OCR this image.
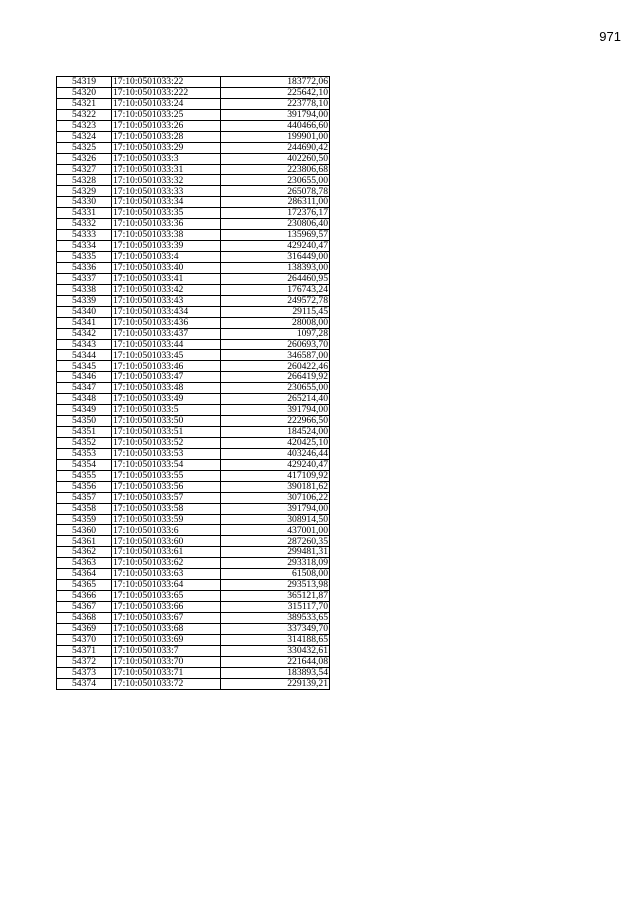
971
54319	17:10:0501033:22	183772,06
54320	17:10:0501033:222	225642,10
54321	17:10:0501033:24	223778,10
54322	17:10:0501033:25	391794,00
54323	17:10:0501033:26	440466,60
54324	17:10:0501033:28	199901,00
54325	17:10:0501033:29	244690,42
54326	17:10:0501033:3	402260,50
54327	17:10:0501033:31	223806,68
54328	17:10:0501033:32	230655,00
54329	17:10:0501033:33	265078,78
54330	17:10:0501033:34	286311,00
54331	17:10:0501033:35	172376,17
54332	17:10:0501033:36	230806,40
54333	17:10:0501033:38	135969,57
54334	17:10:0501033:39	429240,47
54335	17:10:0501033:4	316449,00
54336	17:10:0501033:40	138393,00
54337	17:10:0501033:41	264460,95
54338	17:10:0501033:42	176743,24
54339	17:10:0501033:43	249572,78
54340	17:10:0501033:434	29115,45
54341	17:10:0501033:436	28008,00
54342	17:10:0501033:437	1097,28
54343	17:10:0501033:44	260693,70
54344	17:10:0501033:45	346587,00
54345	17:10:0501033:46	260422,46
54346	17:10:0501033:47	266419,92
54347	17:10:0501033:48	230655,00
54348	17:10:0501033:49	265214,40
54349	17:10:0501033:5	391794,00
54350	17:10:0501033:50	222966,50
54351	17:10:0501033:51	184524,00
54352	17:10:0501033:52	420425,10
54353	17:10:0501033:53	403246,44
54354	17:10:0501033:54	429240,47
54355	17:10:0501033:55	417109,92
54356	17:10:0501033:56	390181,62
54357	17:10:0501033:57	307106,22
54358	17:10:0501033:58	391794,00
54359	17:10:0501033:59	308914,50
54360	17:10:0501033:6	437001,00
54361	17:10:0501033:60	287260,35
54362	17:10:0501033:61	299481,31
54363	17:10:0501033:62	293318,09
54364	17:10:0501033:63	61508,00
54365	17:10:0501033:64	293513,98
54366	17:10:0501033:65	365121,87
54367	17:10:0501033:66	315117,70
54368	17:10:0501033:67	389533,65
54369	17:10:0501033:68	337349,70
54370	17:10:0501033:69	314188,65
54371	17:10:0501033:7	330432,61
54372	17:10:0501033:70	221644,08
54373	17:10:0501033:71	183893,54
54374	17:10:0501033:72	229139,21
